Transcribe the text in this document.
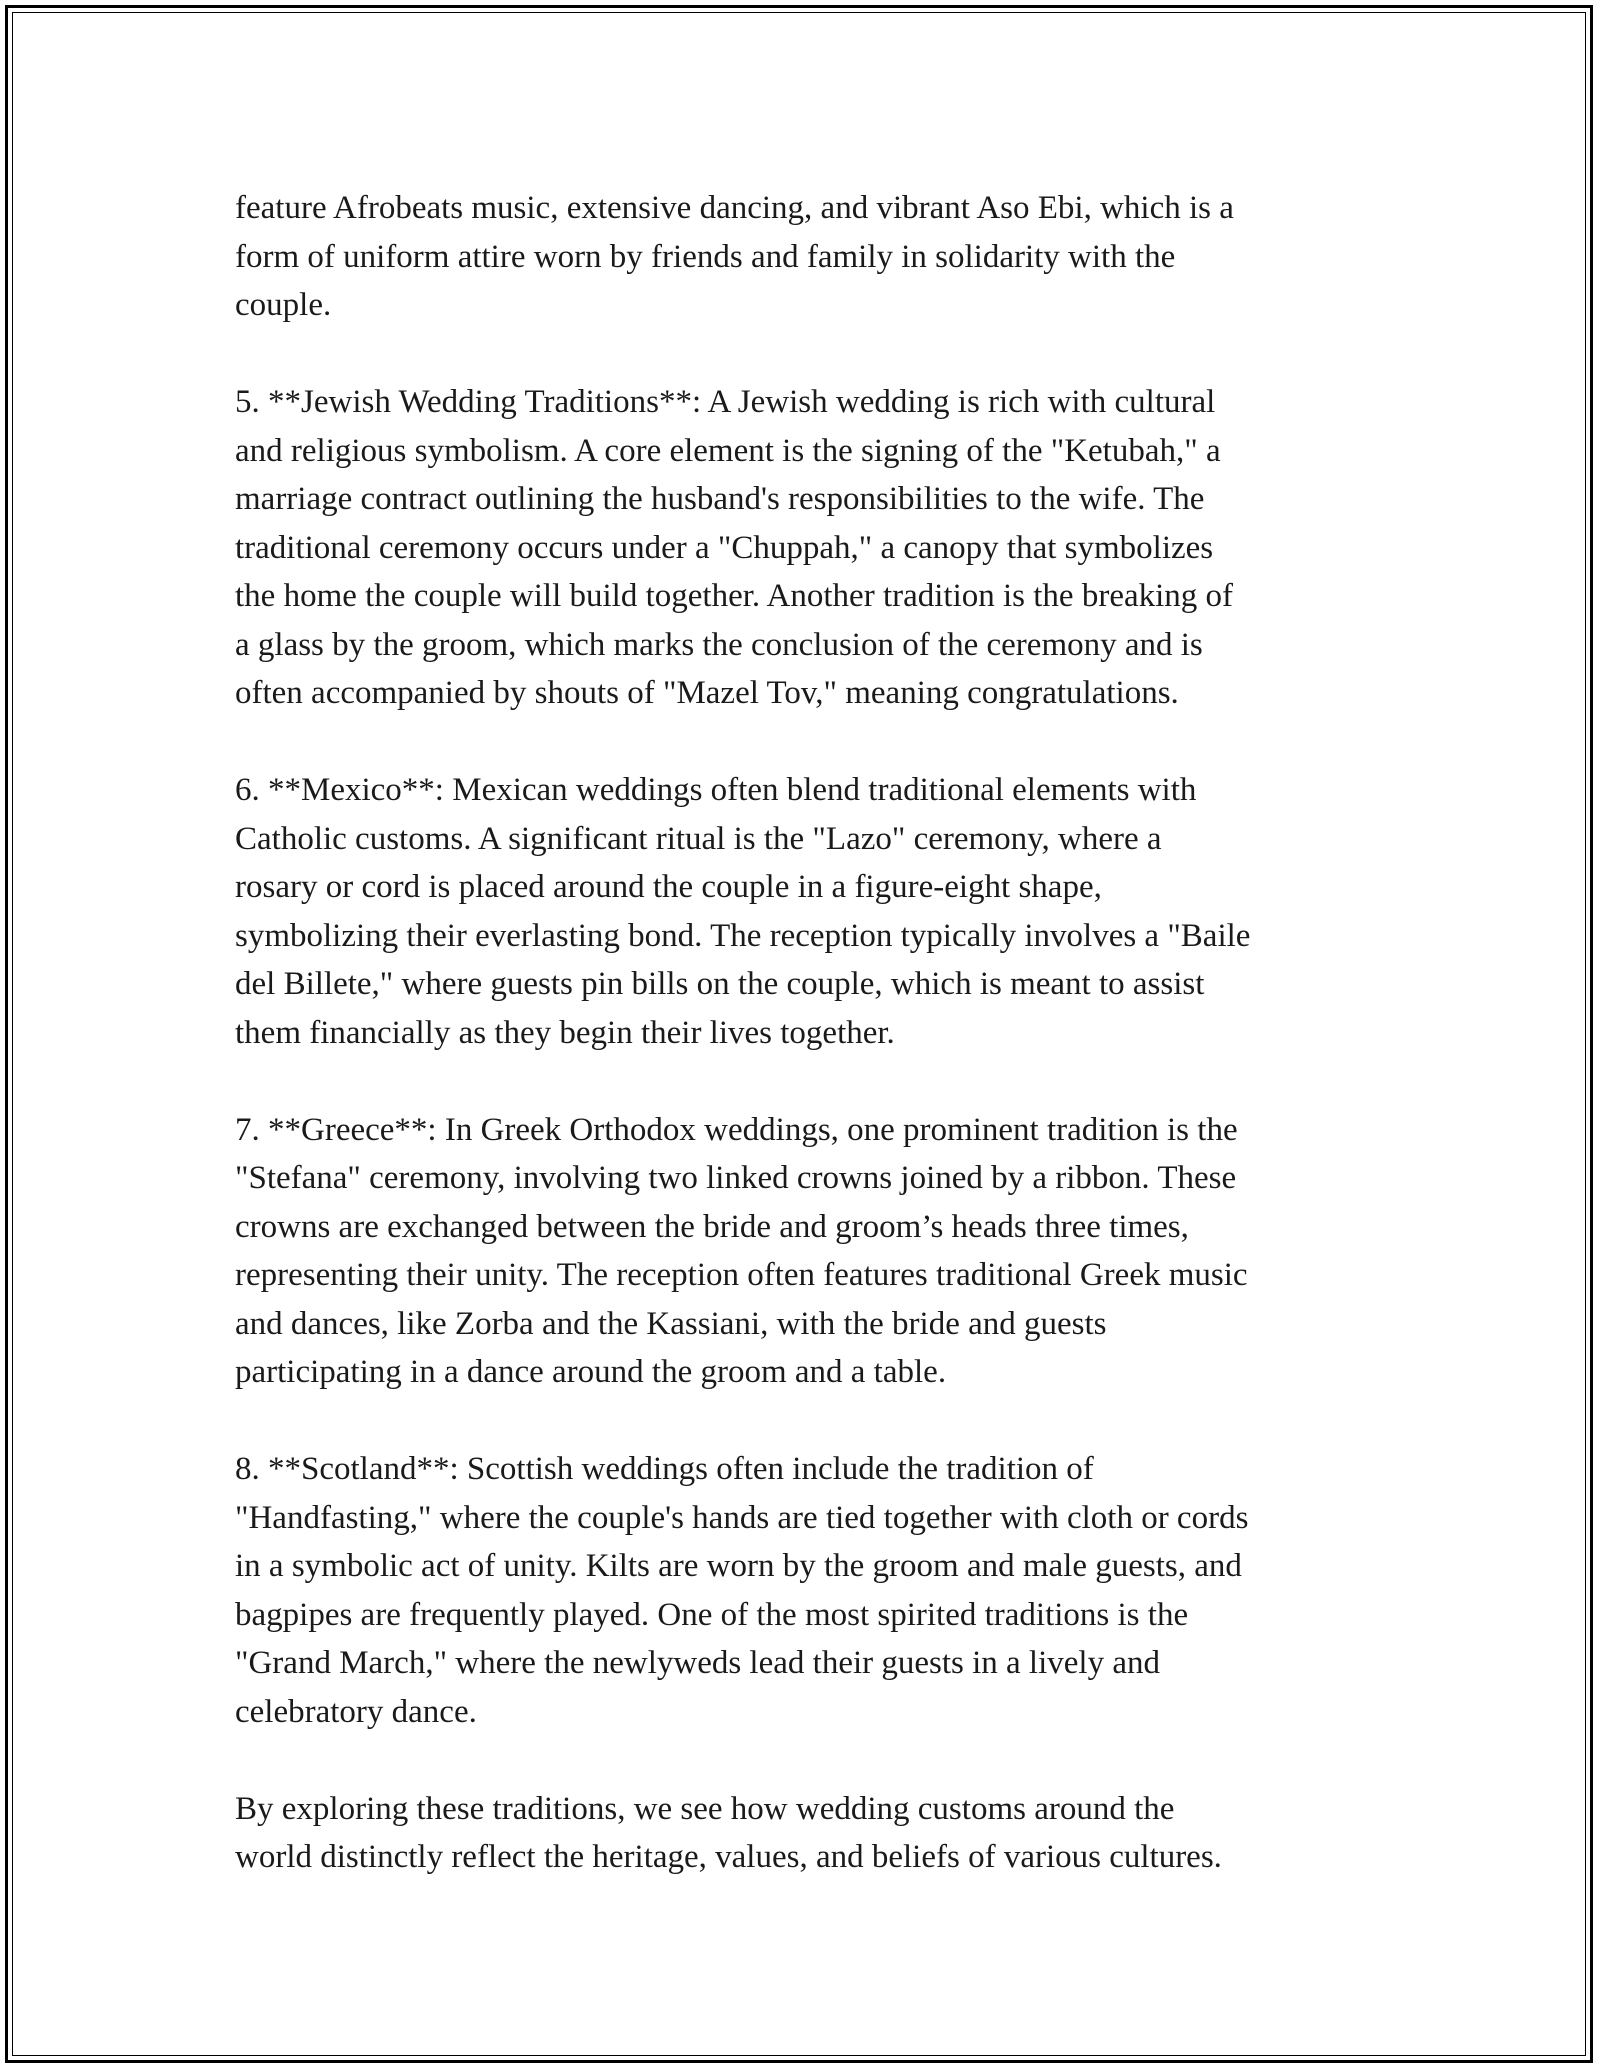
feature Afrobeats music, extensive dancing, and vibrant Aso Ebi, which is a
form of uniform attire worn by friends and family in solidarity with the
couple.

5. **Jewish Wedding Traditions**: A Jewish wedding is rich with cultural
and religious symbolism. A core element is the signing of the "Ketubah," a
marriage contract outlining the husband's responsibilities to the wife. The
traditional ceremony occurs under a "Chuppah," a canopy that symbolizes
the home the couple will build together. Another tradition is the breaking of
a glass by the groom, which marks the conclusion of the ceremony and is
often accompanied by shouts of "Mazel Tov," meaning congratulations.

6. **Mexico**: Mexican weddings often blend traditional elements with
Catholic customs. A significant ritual is the "Lazo" ceremony, where a
rosary or cord is placed around the couple in a figure-eight shape,
symbolizing their everlasting bond. The reception typically involves a "Baile
del Billete," where guests pin bills on the couple, which is meant to assist
them financially as they begin their lives together.

7. **Greece**: In Greek Orthodox weddings, one prominent tradition is the
"Stefana" ceremony, involving two linked crowns joined by a ribbon. These
crowns are exchanged between the bride and groom’s heads three times,
representing their unity. The reception often features traditional Greek music
and dances, like Zorba and the Kassiani, with the bride and guests
participating in a dance around the groom and a table.

8. **Scotland**: Scottish weddings often include the tradition of
"Handfasting," where the couple's hands are tied together with cloth or cords
in a symbolic act of unity. Kilts are worn by the groom and male guests, and
bagpipes are frequently played. One of the most spirited traditions is the
"Grand March," where the newlyweds lead their guests in a lively and
celebratory dance.

By exploring these traditions, we see how wedding customs around the
world distinctly reflect the heritage, values, and beliefs of various cultures.
